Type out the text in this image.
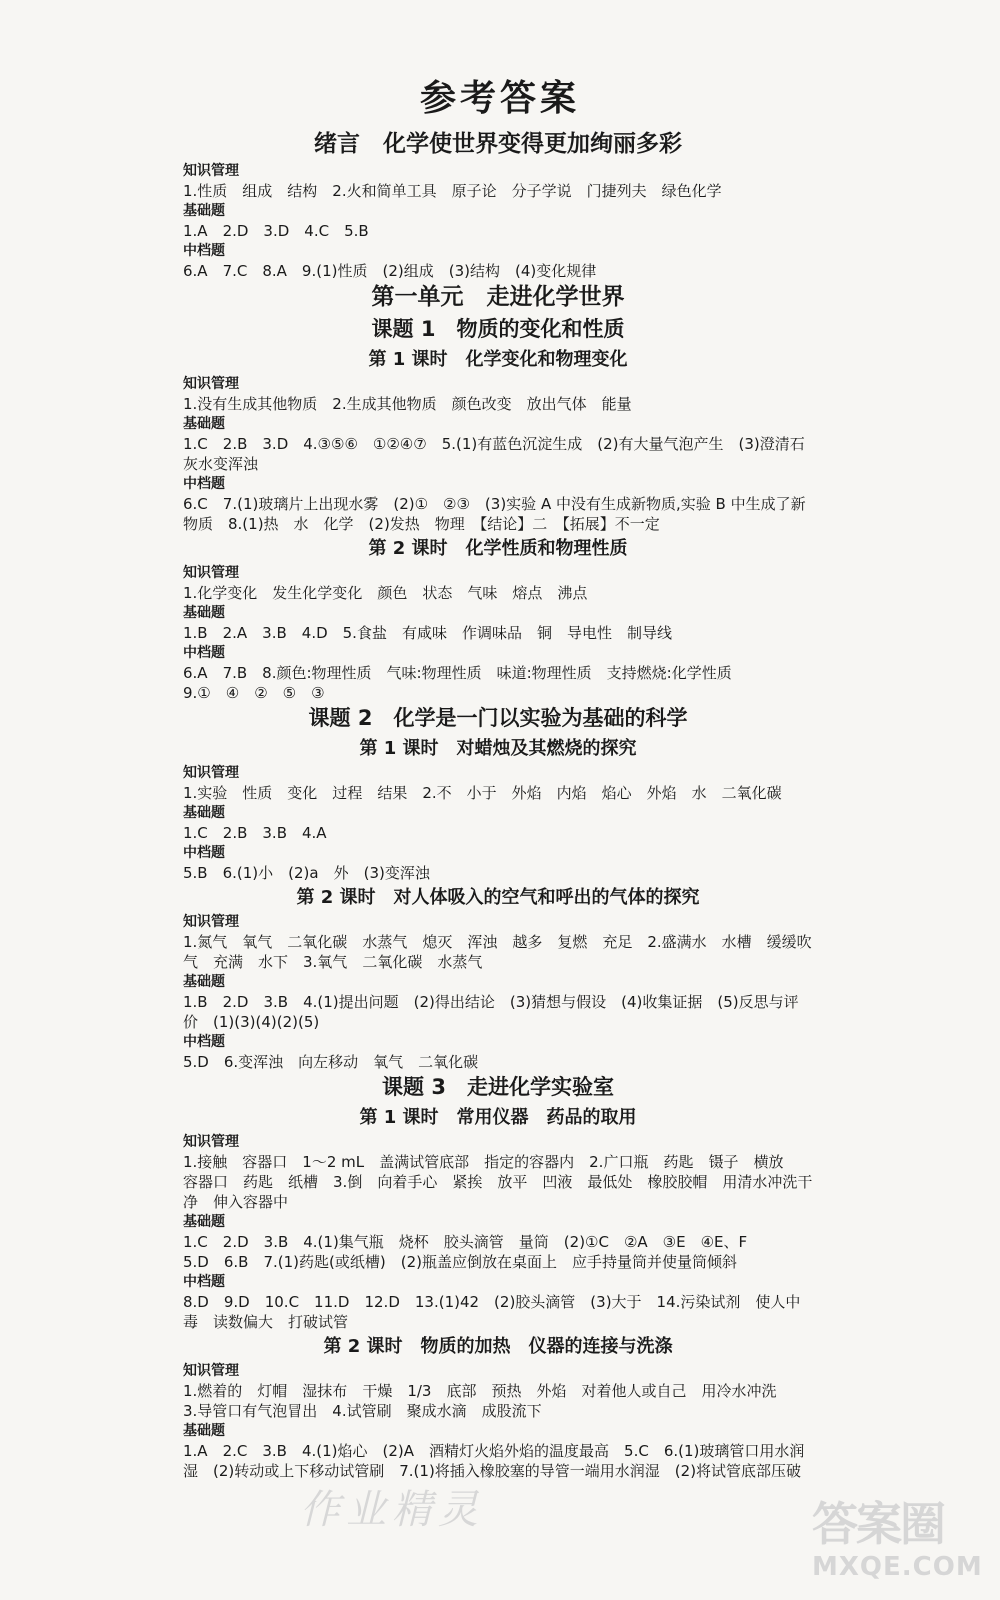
参考答案
绪言　化学使世界变得更加绚丽多彩
知识管理
1.性质　组成　结构　2.火和简单工具　原子论　分子学说　门捷列夫　绿色化学
基础题
1.A　2.D　3.D　4.C　5.B
中档题
6.A　7.C　8.A　9.(1)性质　(2)组成　(3)结构　(4)变化规律
第一单元　走进化学世界
课题 1　物质的变化和性质
第 1 课时　化学变化和物理变化
知识管理
1.没有生成其他物质　2.生成其他物质　颜色改变　放出气体　能量
基础题
1.C　2.B　3.D　4.③⑤⑥　①②④⑦　5.(1)有蓝色沉淀生成　(2)有大量气泡产生　(3)澄清石灰水变浑浊
中档题
6.C　7.(1)玻璃片上出现水雾　(2)①　②③　(3)实验 A 中没有生成新物质,实验 B 中生成了新物质　8.(1)热　水　化学　(2)发热　物理　【结论】二　【拓展】不一定
第 2 课时　化学性质和物理性质
知识管理
1.化学变化　发生化学变化　颜色　状态　气味　熔点　沸点
基础题
1.B　2.A　3.B　4.D　5.食盐　有咸味　作调味品　铜　导电性　制导线
中档题
6.A　7.B　8.颜色:物理性质　气味:物理性质　味道:物理性质　支持燃烧:化学性质
9.①　④　②　⑤　③
课题 2　化学是一门以实验为基础的科学
第 1 课时　对蜡烛及其燃烧的探究
知识管理
1.实验　性质　变化　过程　结果　2.不　小于　外焰　内焰　焰心　外焰　水　二氧化碳
基础题
1.C　2.B　3.B　4.A
中档题
5.B　6.(1)小　(2)a　外　(3)变浑浊
第 2 课时　对人体吸入的空气和呼出的气体的探究
知识管理
1.氮气　氧气　二氧化碳　水蒸气　熄灭　浑浊　越多　复燃　充足　2.盛满水　水槽　缓缓吹气　充满　水下　3.氧气　二氧化碳　水蒸气
基础题
1.B　2.D　3.B　4.(1)提出问题　(2)得出结论　(3)猜想与假设　(4)收集证据　(5)反思与评价　(1)(3)(4)(2)(5)
中档题
5.D　6.变浑浊　向左移动　氧气　二氧化碳
课题 3　走进化学实验室
第 1 课时　常用仪器　药品的取用
知识管理
1.接触　容器口　1～2 mL　盖满试管底部　指定的容器内　2.广口瓶　药匙　镊子　横放　容器口　药匙　纸槽　3.倒　向着手心　紧挨　放平　凹液　最低处　橡胶胶帽　用清水冲洗干净　伸入容器中
基础题
1.C　2.D　3.B　4.(1)集气瓶　烧杯　胶头滴管　量筒　(2)①C　②A　③E　④E、F
5.D　6.B　7.(1)药匙(或纸槽)　(2)瓶盖应倒放在桌面上　应手持量筒并使量筒倾斜
中档题
8.D　9.D　10.C　11.D　12.D　13.(1)42　(2)胶头滴管　(3)大于　14.污染试剂　使人中毒　读数偏大　打破试管
第 2 课时　物质的加热　仪器的连接与洗涤
知识管理
1.燃着的　灯帽　湿抹布　干燥　1/3　底部　预热　外焰　对着他人或自己　用冷水冲洗
3.导管口有气泡冒出　4.试管刷　聚成水滴　成股流下
基础题
1.A　2.C　3.B　4.(1)焰心　(2)A　酒精灯火焰外焰的温度最高　5.C　6.(1)玻璃管口用水润湿　(2)转动或上下移动试管刷　7.(1)将插入橡胶塞的导管一端用水润湿　(2)将试管底部压破
作业精灵	答案圈
MXQE.COM
